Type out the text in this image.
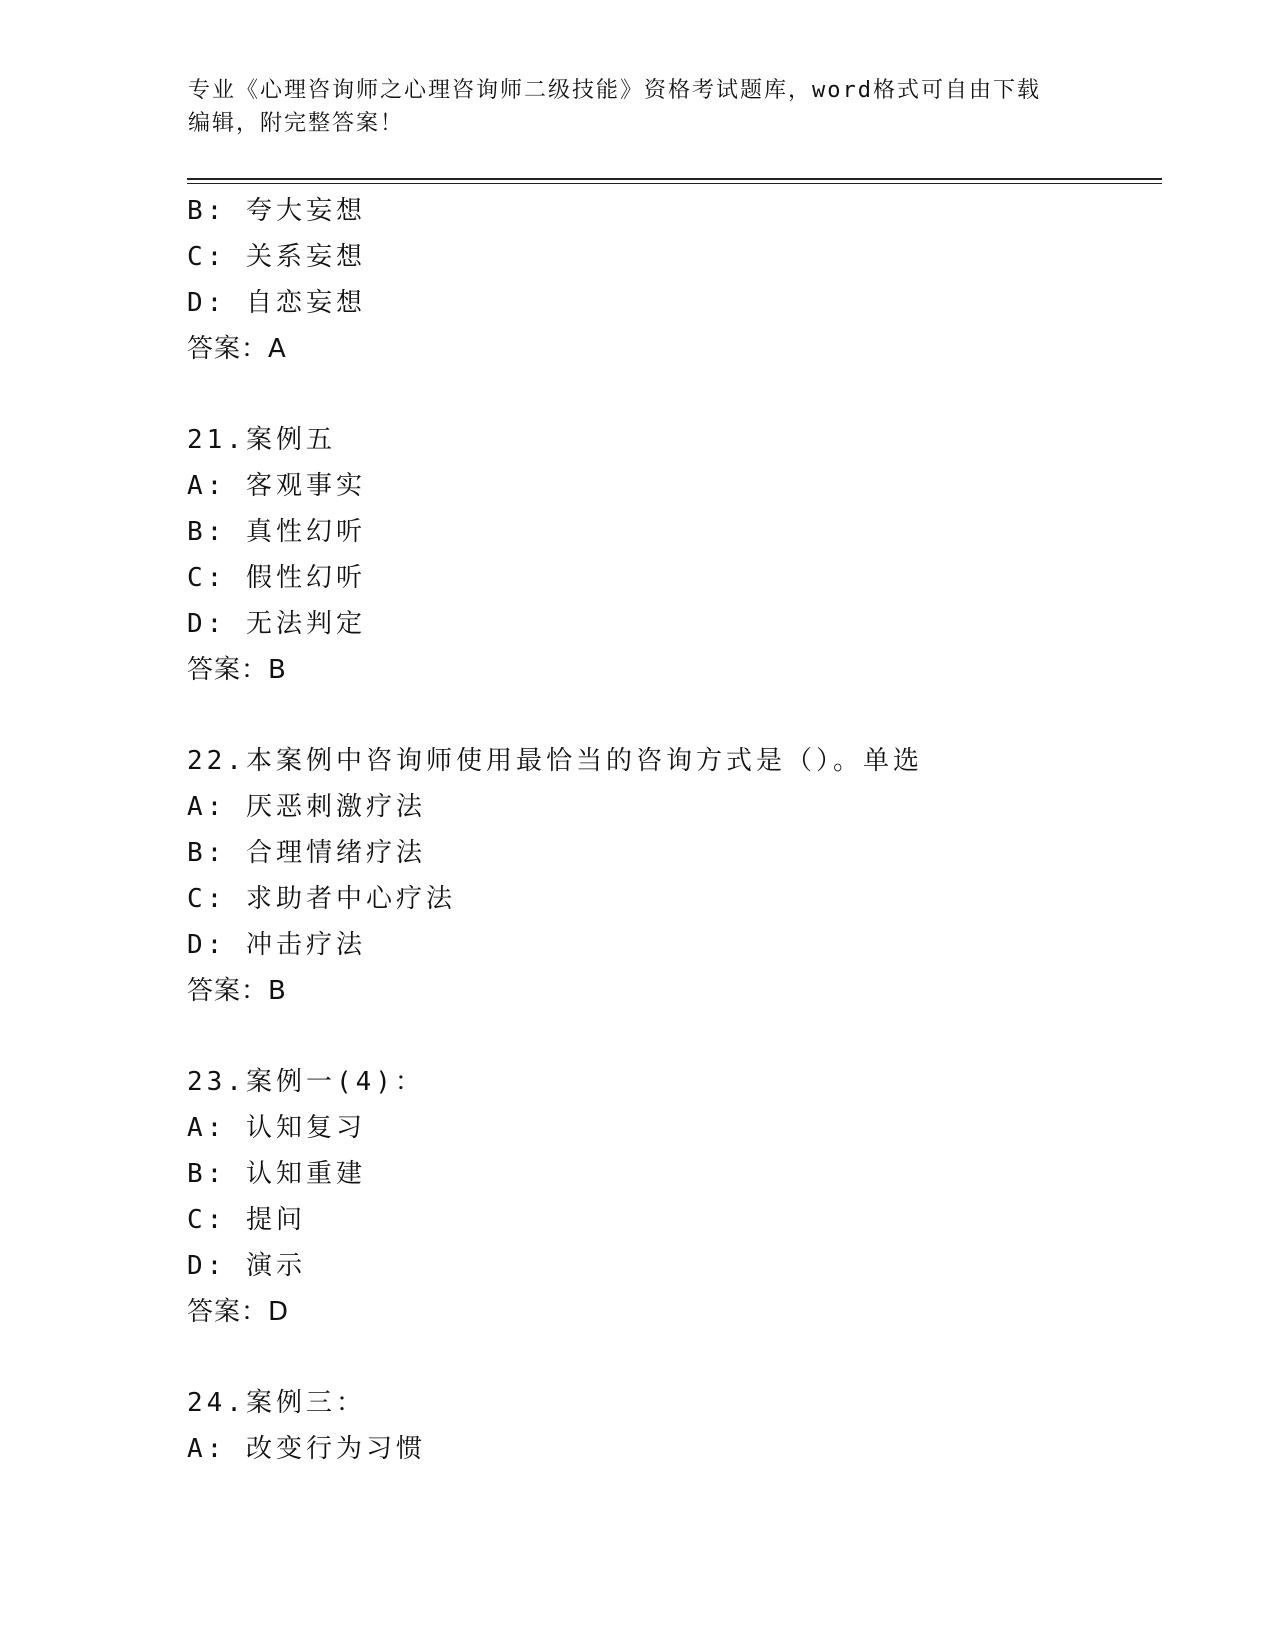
专业《心理咨询师之心理咨询师二级技能》资格考试题库，word格式可自由下载
编辑，附完整答案！
B: 夸大妄想
C: 关系妄想
D: 自恋妄想
答案：A
21.案例五
A: 客观事实
B: 真性幻听
C: 假性幻听
D: 无法判定
答案：B
22.本案例中咨询师使用最恰当的咨询方式是（）。单选
A: 厌恶刺激疗法
B: 合理情绪疗法
C: 求助者中心疗法
D: 冲击疗法
答案：B
23.案例一(4)：
A: 认知复习
B: 认知重建
C: 提问
D: 演示
答案：D
24.案例三：
A: 改变行为习惯
